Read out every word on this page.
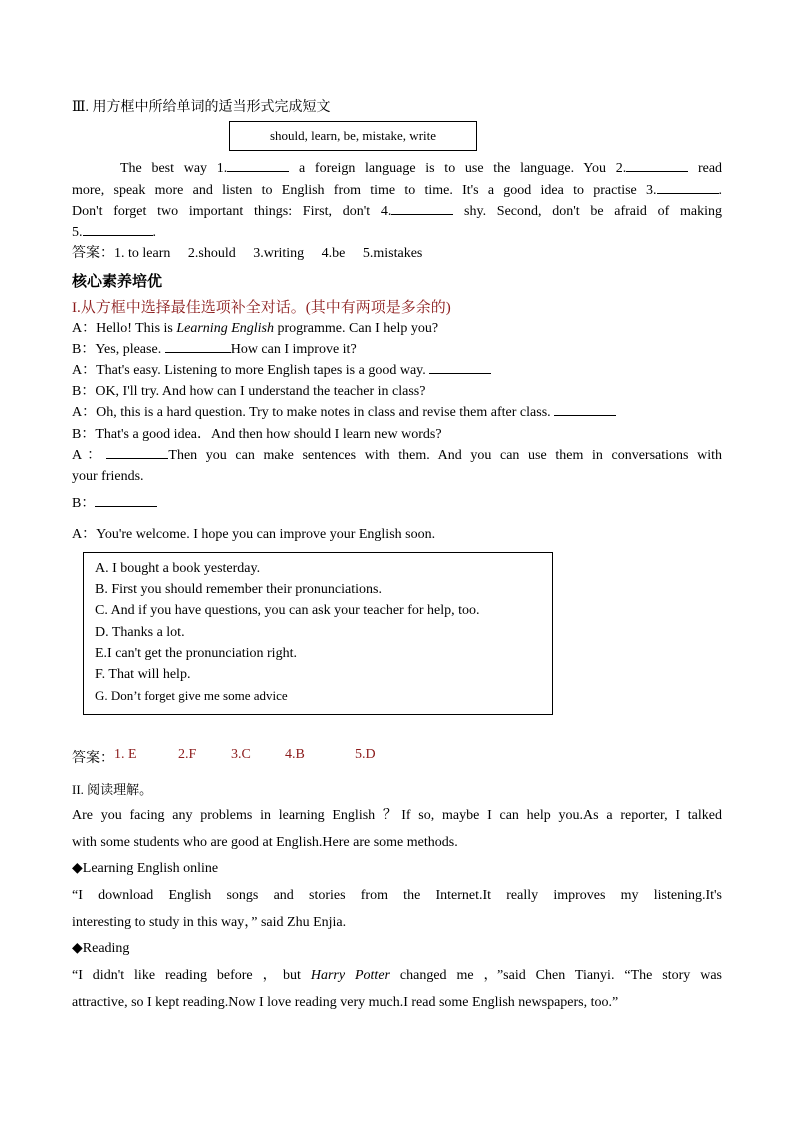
Ⅲ. 用方框中所给单词的适当形式完成短文
should, learn, be, mistake, write
The best way 1.	a foreign language is to use the language. You 2.	read
more, speak more and listen to English from time to time. It's a good idea to practise 3.	.
Don't forget two important things: First, don't 4.	shy. Second, don't be afraid of making
5.	.
答案：1. to learn     2.should     3.writing     4.be     5.mistakes
核心素养培优
I.从方框中选择最佳选项补全对话。(其中有两项是多余的)
A：Hello! This is Learning English programme. Can I help you?
B：Yes, please.	How can I improve it?
A：That's easy. Listening to more English tapes is a good way.
B：OK, I'll try. And how can I understand the teacher in class?
A：Oh, this is a hard question. Try to make notes in class and revise them after class.
B：That's a good idea．And then how should I learn new words?
A：	Then you can make sentences with them. And you can use them in conversations with
your friends.
B：
A：You're welcome. I hope you can improve your English soon.
A. I bought a book yesterday.
B. First you should remember their pronunciations.
C. And if you have questions, you can ask your teacher for help, too.
D. Thanks a lot.
E.I can't get the pronunciation right.
F. That will help.
G. Don’t forget give me some advice
答案： 1. E	2.F 3.C 4.B	5.D
II. 阅读理解。
Are you facing any problems in learning English ？If so, maybe I can help you.As a reporter, I talked
with some students who are good at English.Here are some methods.
◆Learning English online
“I download English songs and stories from the Internet.It really improves my listening.It's
interesting to study in this way，” said Zhu Enjia.
◆Reading
“I didn't like reading before ，but Harry Potter changed me ，”said Chen Tianyi. “The story was
attractive, so I kept reading.Now I love reading very much.I read some English newspapers, too.”
